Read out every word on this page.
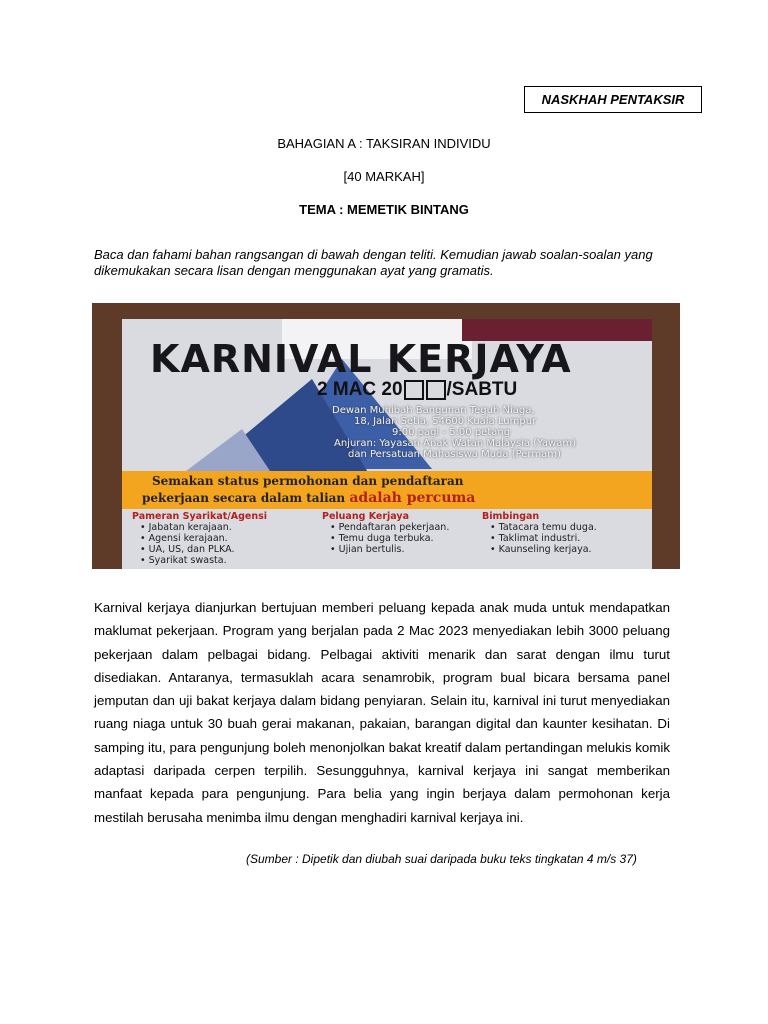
NASKHAH PENTAKSIR
BAHAGIAN A : TAKSIRAN INDIVIDU
[40 MARKAH]
TEMA : MEMETIK BINTANG
Baca dan fahami bahan rangsangan di bawah dengan teliti. Kemudian jawab soalan-soalan yang dikemukakan secara lisan dengan menggunakan ayat yang gramatis.
KARNIVAL KERJAYA
2 MAC 20 /SABTU
Dewan Muhibah Bangunan Teguh Niaga,
18, Jalan Setia, 54600 Kuala Lumpur
9:00 pagi - 5:00 petang
Anjuran: Yayasan Anak Watan Malaysia (Yawam)
dan Persatuan Mahasiswa Muda (Permam)
Semakan status permohonan dan pendaftaran
pekerjaan secara dalam talian adalah percuma
Pameran Syarikat/Agensi
• Jabatan kerajaan.
• Agensi kerajaan.
• UA, US, dan PLKA.
• Syarikat swasta.
Peluang Kerjaya
• Pendaftaran pekerjaan.
• Temu duga terbuka.
• Ujian bertulis.
Bimbingan
• Tatacara temu duga.
• Taklimat industri.
• Kaunseling kerjaya.
Karnival kerjaya dianjurkan bertujuan memberi peluang kepada anak muda untuk mendapatkan maklumat pekerjaan. Program yang berjalan pada 2 Mac 2023 menyediakan lebih 3000 peluang pekerjaan dalam pelbagai bidang. Pelbagai aktiviti menarik dan sarat dengan ilmu turut disediakan. Antaranya, termasuklah acara senamrobik, program bual bicara bersama panel jemputan dan uji bakat kerjaya dalam bidang penyiaran. Selain itu, karnival ini turut menyediakan ruang niaga untuk 30 buah gerai makanan, pakaian, barangan digital dan kaunter kesihatan. Di samping itu, para pengunjung boleh menonjolkan bakat kreatif dalam pertandingan melukis komik adaptasi daripada cerpen terpilih. Sesungguhnya, karnival kerjaya ini sangat memberikan manfaat kepada para pengunjung. Para belia yang ingin berjaya dalam permohonan kerja mestilah berusaha menimba ilmu dengan menghadiri karnival kerjaya ini.
(Sumber : Dipetik dan diubah suai daripada buku teks tingkatan 4 m/s 37)
